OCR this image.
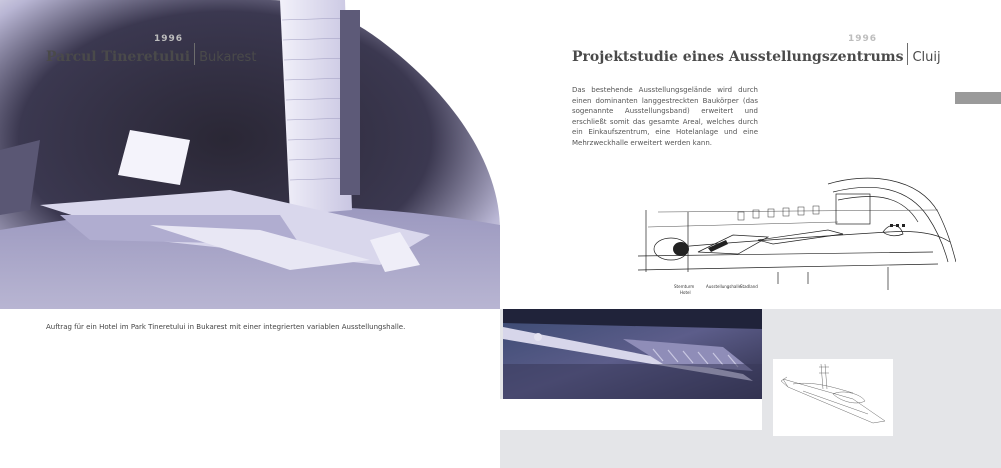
1996
Parcul Tineretului Bukarest
Auftrag für ein Hotel im Park Tineretului in Bukarest mit einer integrierten variablen Ausstellungshalle.
1996
Projektstudie eines Ausstellungszentrums Cluij
Das bestehende Ausstellungsgelände wird durch einen dominanten langgestreckten Baukörper (das sogenannte Ausstellungsband) erweitert und erschließt somit das gesamte Areal, welches durch ein Einkaufszentrum, eine Hotelanlage und eine Mehrzweckhalle erweitert werden kann.
Sternturm
Hotel
Ausstellungshalle
Stadland
